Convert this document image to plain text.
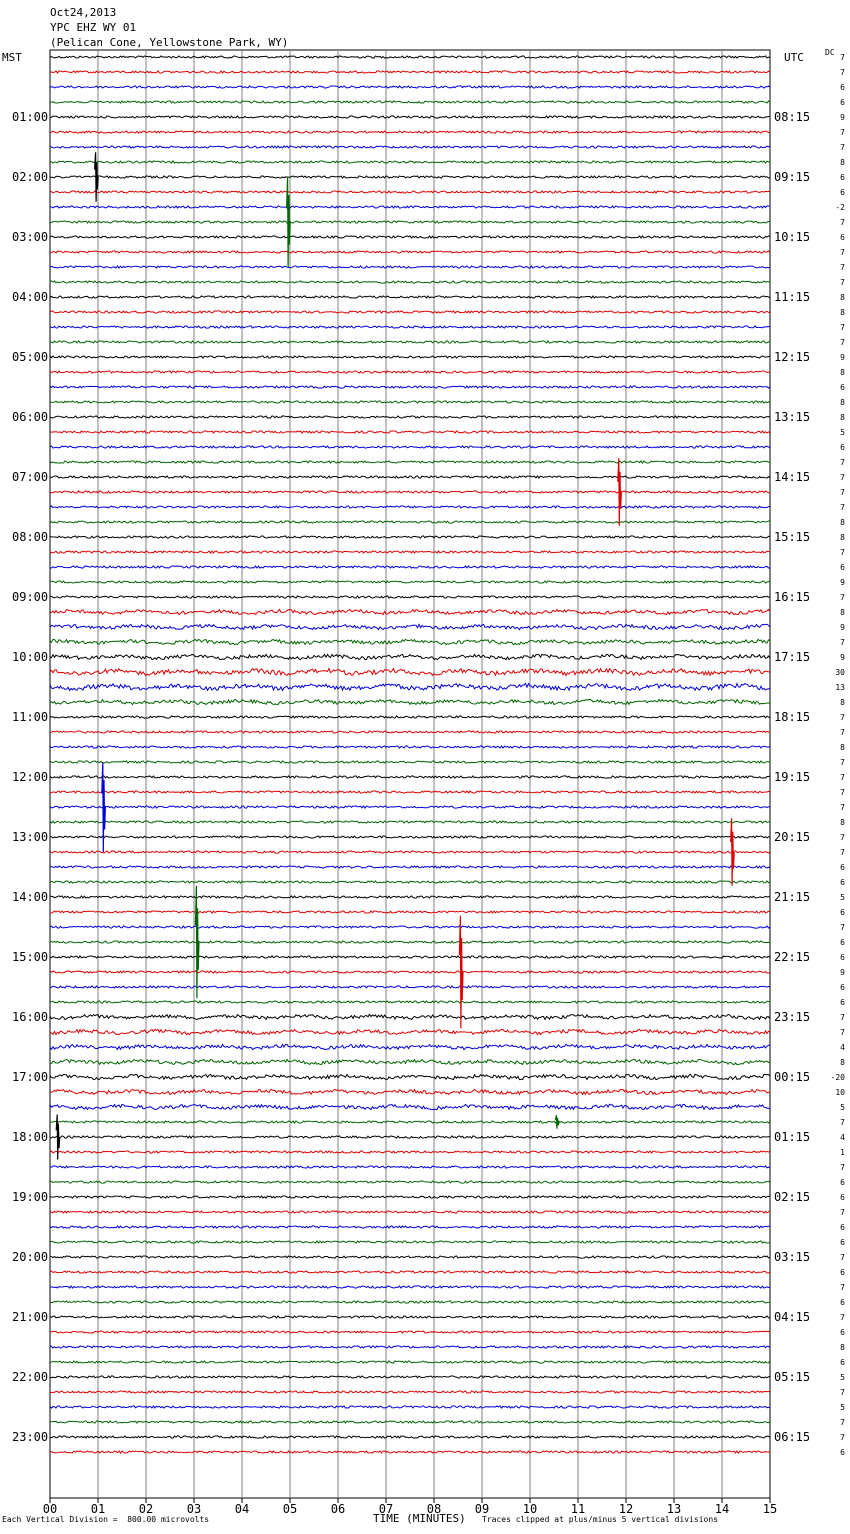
Oct24,2013
YPC EHZ WY 01
(Pelican Cone, Yellowstone Park, WY)
MST	UTC	DC
00	01	02	03	04	05	06	07	08	09	10	11	12	13	14	15
7
7
6
6
01:00	08:15	9
7
7
8
02:00	09:15	6
6
-2
7
03:00	10:15	6
7
7
7
04:00	11:15	8
8
7
7
05:00	12:15	9
8
6
8
06:00	13:15	8
5
6
7
07:00	14:15	7
7
7
8
08:00	15:15	8
7
6
9
09:00	16:15	7
8
9
7
10:00	17:15	9
30
13
8
11:00	18:15	7
7
8
7
12:00	19:15	7
7
7
8
13:00	20:15	7
7
6
6
14:00	21:15	5
6
7
6
15:00	22:15	6
9
6
6
16:00	23:15	7
7
4
8
17:00	00:15	-20
10
5
7
18:00	01:15	4
1
7
6
19:00	02:15	6
7
6
6
20:00	03:15	7
6
7
6
21:00	04:15	7
6
8
6
22:00	05:15	5
7
5
7
23:00	06:15	7
6
Each Vertical Division =  800.00 microvolts	TIME (MINUTES) Traces clipped at plus/minus 5 vertical divisions
